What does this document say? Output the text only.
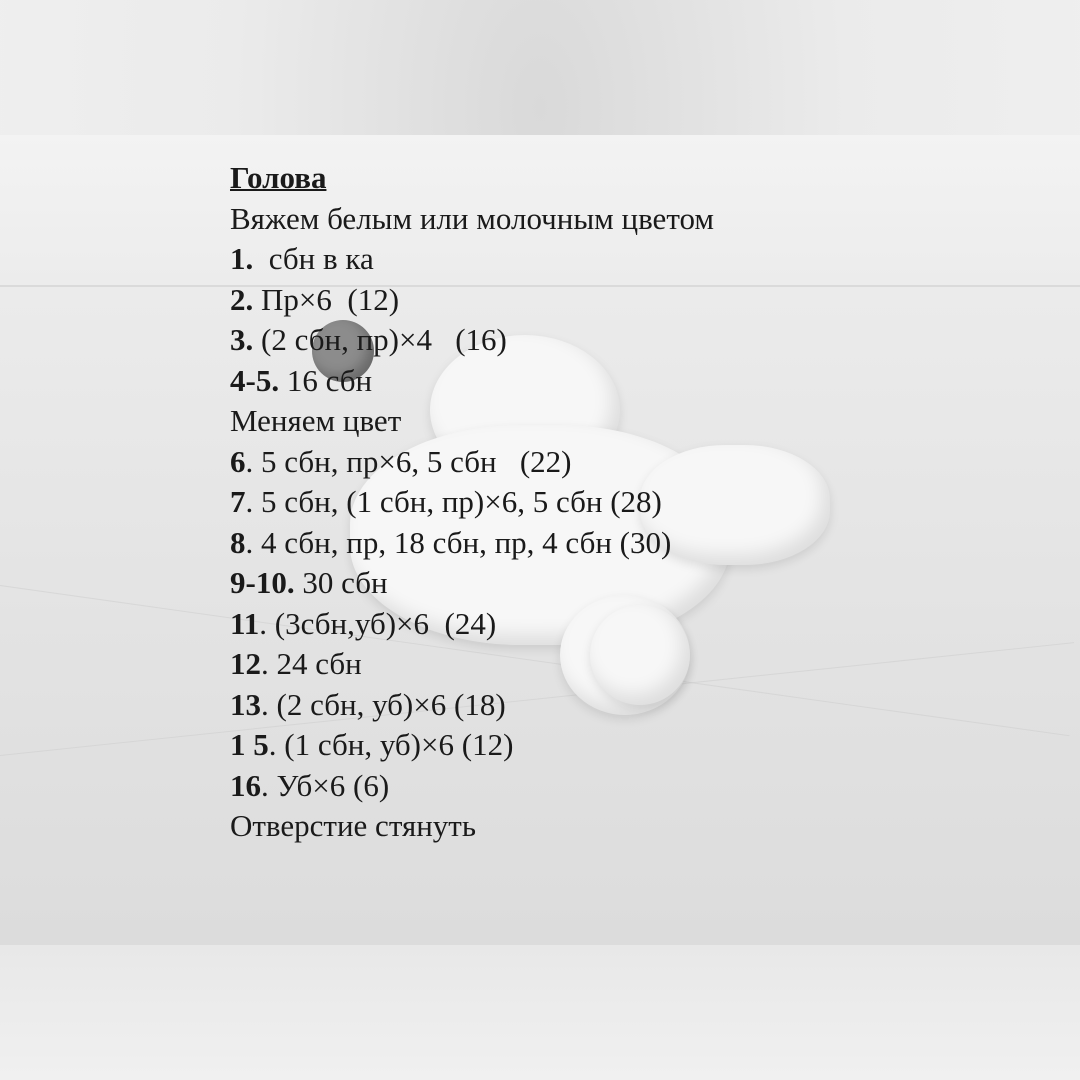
Голова
Вяжем белым или молочным цветом
1.  сбн в ка
2. Пр×6  (12)
3. (2 сбн, пр)×4   (16)
4-5. 16 сбн
Меняем цвет
6. 5 сбн, пр×6, 5 сбн   (22)
7. 5 сбн, (1 сбн, пр)×6, 5 сбн (28)
8. 4 сбн, пр, 18 сбн, пр, 4 сбн (30)
9-10. 30 сбн
11. (3сбн,уб)×6  (24)
12. 24 сбн
13. (2 сбн, уб)×6 (18)
1 5. (1 сбн, уб)×6 (12)
16. Уб×6 (6)
Отверстие стянуть
